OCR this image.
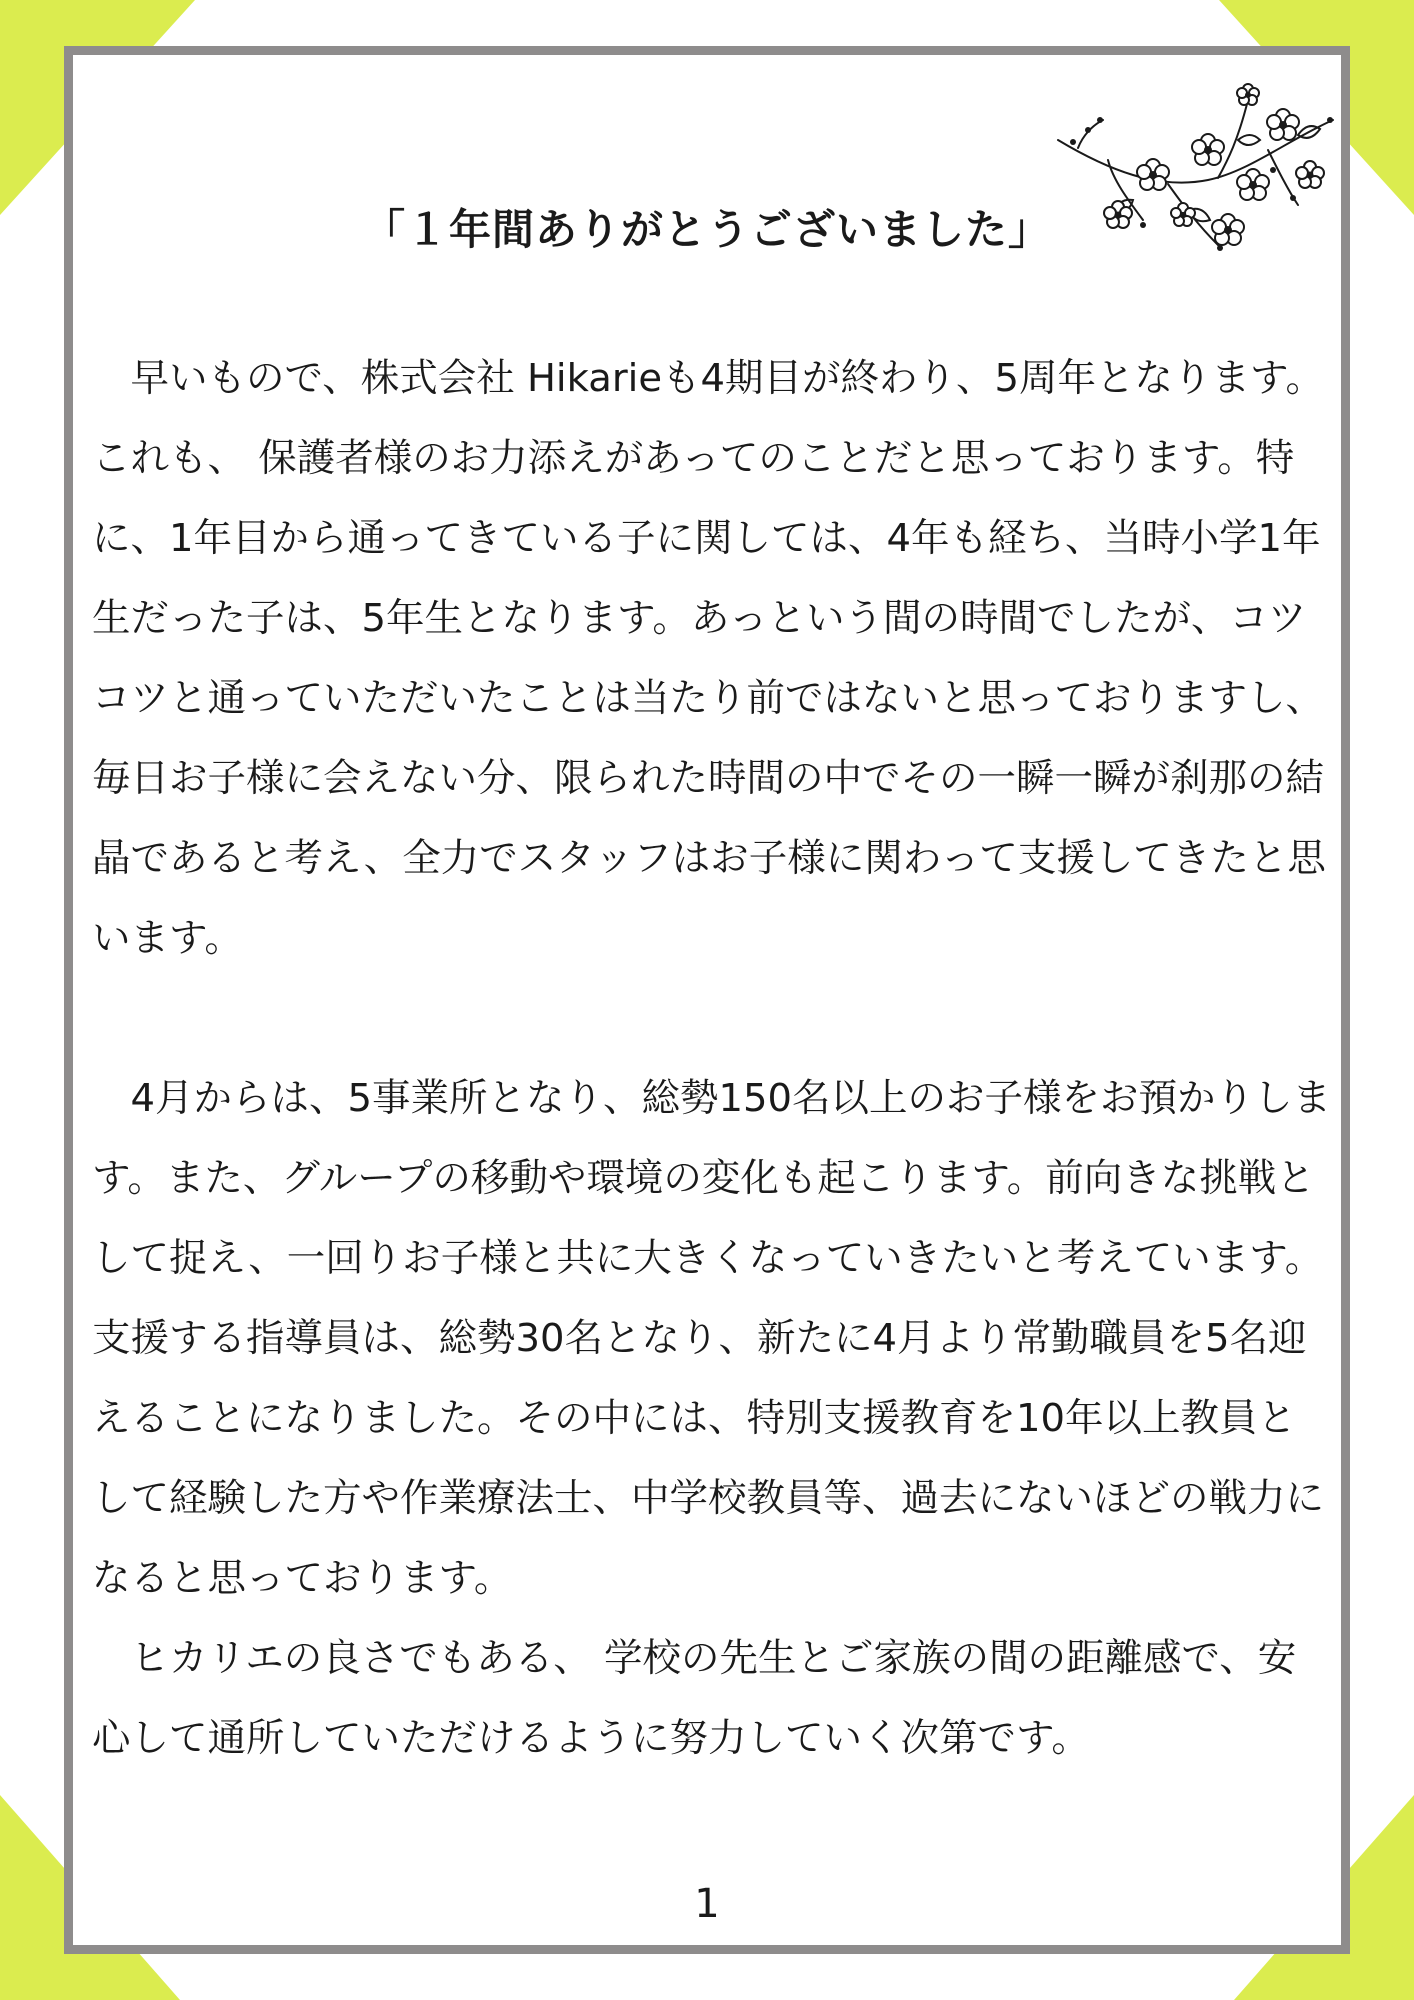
「１年間ありがとうございました」

早いもので、株式会社 Hikarieも4期目が終わり、5周年となります。これも、 保護者様のお力添えがあってのことだと思っております。特に、1年目から通ってきている子に関しては、4年も経ち、当時小学1年生だった子は、5年生となります。あっという間の時間でしたが、コツコツと通っていただいたことは当たり前ではないと思っておりますし、毎日お子様に会えない分、限られた時間の中でその一瞬一瞬が刹那の結晶であると考え、全力でスタッフはお子様に関わって支援してきたと思います。

4月からは、5事業所となり、総勢150名以上のお子様をお預かりします。また、グループの移動や環境の変化も起こります。前向きな挑戦として捉え、一回りお子様と共に大きくなっていきたいと考えています。支援する指導員は、総勢30名となり、新たに4月より常勤職員を5名迎えることになりました。その中には、特別支援教育を10年以上教員として経験した方や作業療法士、中学校教員等、過去にないほどの戦力になると思っております。

ヒカリエの良さでもある、 学校の先生とご家族の間の距離感で、安心して通所していただけるように努力していく次第です。

1
